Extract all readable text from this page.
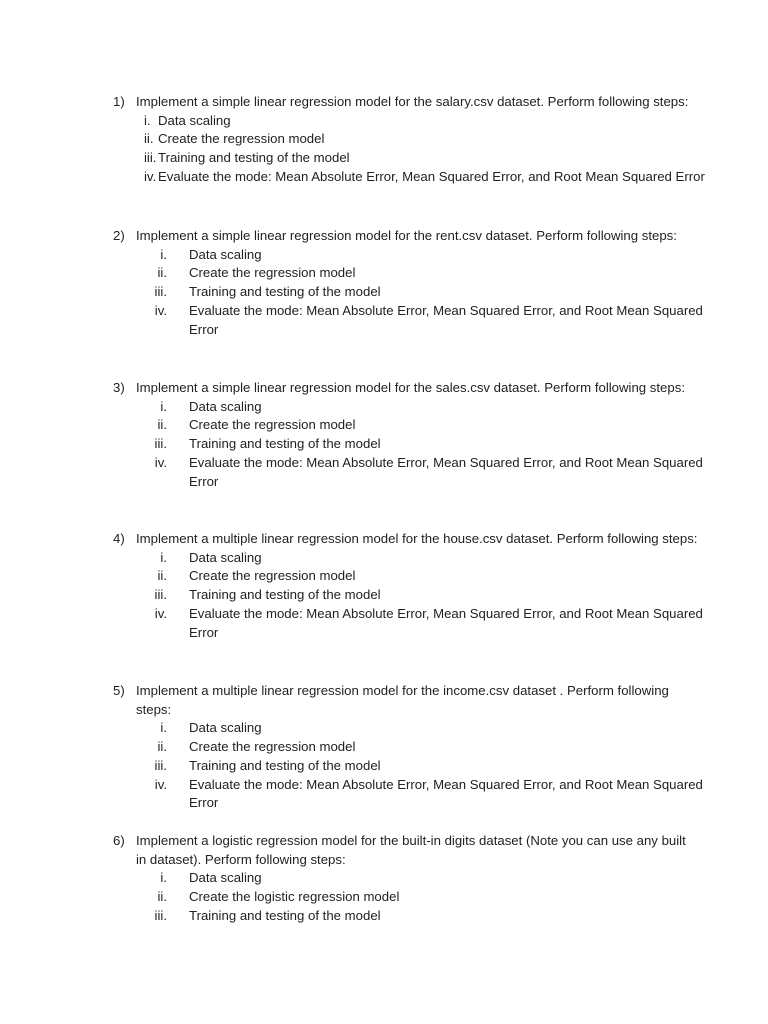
1) Implement a simple linear regression model for the salary.csv dataset. Perform following steps:
i. Data scaling
ii. Create the regression model
iii. Training and testing of the model
iv. Evaluate the mode: Mean Absolute Error, Mean Squared Error, and Root Mean Squared Error
2) Implement a simple linear regression model for the rent.csv dataset. Perform following steps:
i. Data scaling
ii. Create the regression model
iii. Training and testing of the model
iv. Evaluate the mode: Mean Absolute Error, Mean Squared Error, and Root Mean Squared
Error
3) Implement a simple linear regression model for the sales.csv dataset. Perform following steps:
i. Data scaling
ii. Create the regression model
iii. Training and testing of the model
iv. Evaluate the mode: Mean Absolute Error, Mean Squared Error, and Root Mean Squared
Error
4) Implement a multiple linear regression model for the house.csv dataset. Perform following steps:
i. Data scaling
ii. Create the regression model
iii. Training and testing of the model
iv. Evaluate the mode: Mean Absolute Error, Mean Squared Error, and Root Mean Squared
Error
5) Implement a multiple linear regression model for the income.csv dataset . Perform following
steps:
i. Data scaling
ii. Create the regression model
iii. Training and testing of the model
iv. Evaluate the mode: Mean Absolute Error, Mean Squared Error, and Root Mean Squared
Error
6) Implement a logistic regression model for the built-in digits dataset (Note you can use any built
in dataset). Perform following steps:
i. Data scaling
ii. Create the logistic regression model
iii. Training and testing of the model
